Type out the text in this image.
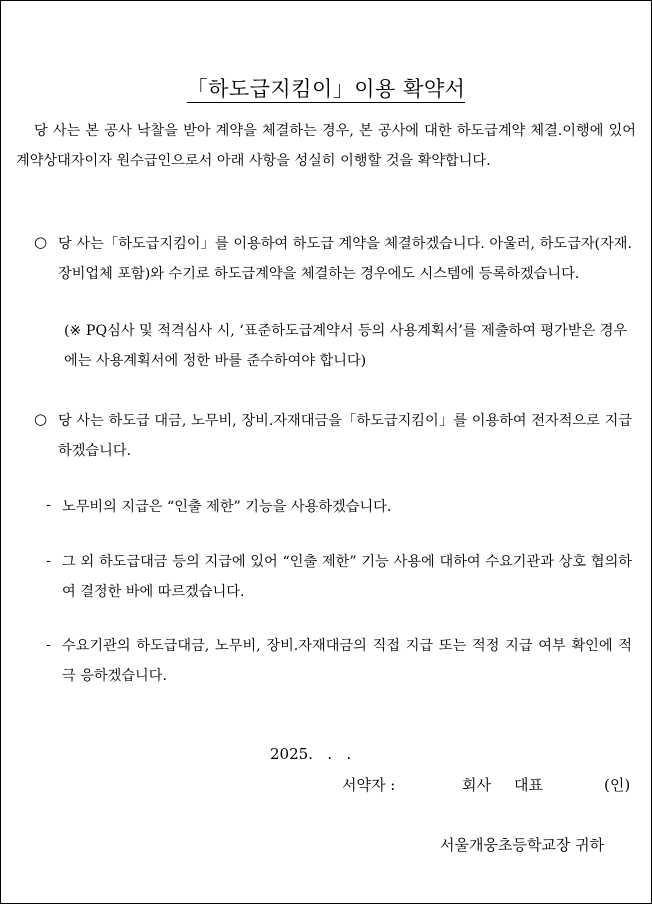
「하도급지킴이」이용 확약서
당 사는 본 공사 낙찰을 받아 계약을 체결하는 경우, 본 공사에 대한 하도급계약 체결.이행에 있어 계약상대자이자 원수급인으로서 아래 사항을 성실히 이행할 것을 확약합니다.
○ 당 사는「하도급지킴이」를 이용하여 하도급 계약을 체결하겠습니다. 아울러, 하도급자(자재.장비업체 포함)와 수기로 하도급계약을 체결하는 경우에도 시스템에 등록하겠습니다.
(※ PQ심사 및 적격심사 시, ‘표준하도급계약서 등의 사용계획서’를 제출하여 평가받은 경우에는 사용계획서에 정한 바를 준수하여야 합니다)
○ 당 사는 하도급 대금, 노무비, 장비.자재대금을「하도급지킴이」를 이용하여 전자적으로 지급하겠습니다.
- 노무비의 지급은 “인출 제한” 기능을 사용하겠습니다.
- 그 외 하도급대금 등의 지급에 있어 “인출 제한” 기능 사용에 대하여 수요기관과 상호 협의하여 결정한 바에 따르겠습니다.
- 수요기관의 하도급대금, 노무비, 장비.자재대금의 직접 지급 또는 적정 지급 여부 확인에 적극 응하겠습니다.
2025.   .   .
서약자 :	회사 대표	(인)
서울개웅초등학교장 귀하
